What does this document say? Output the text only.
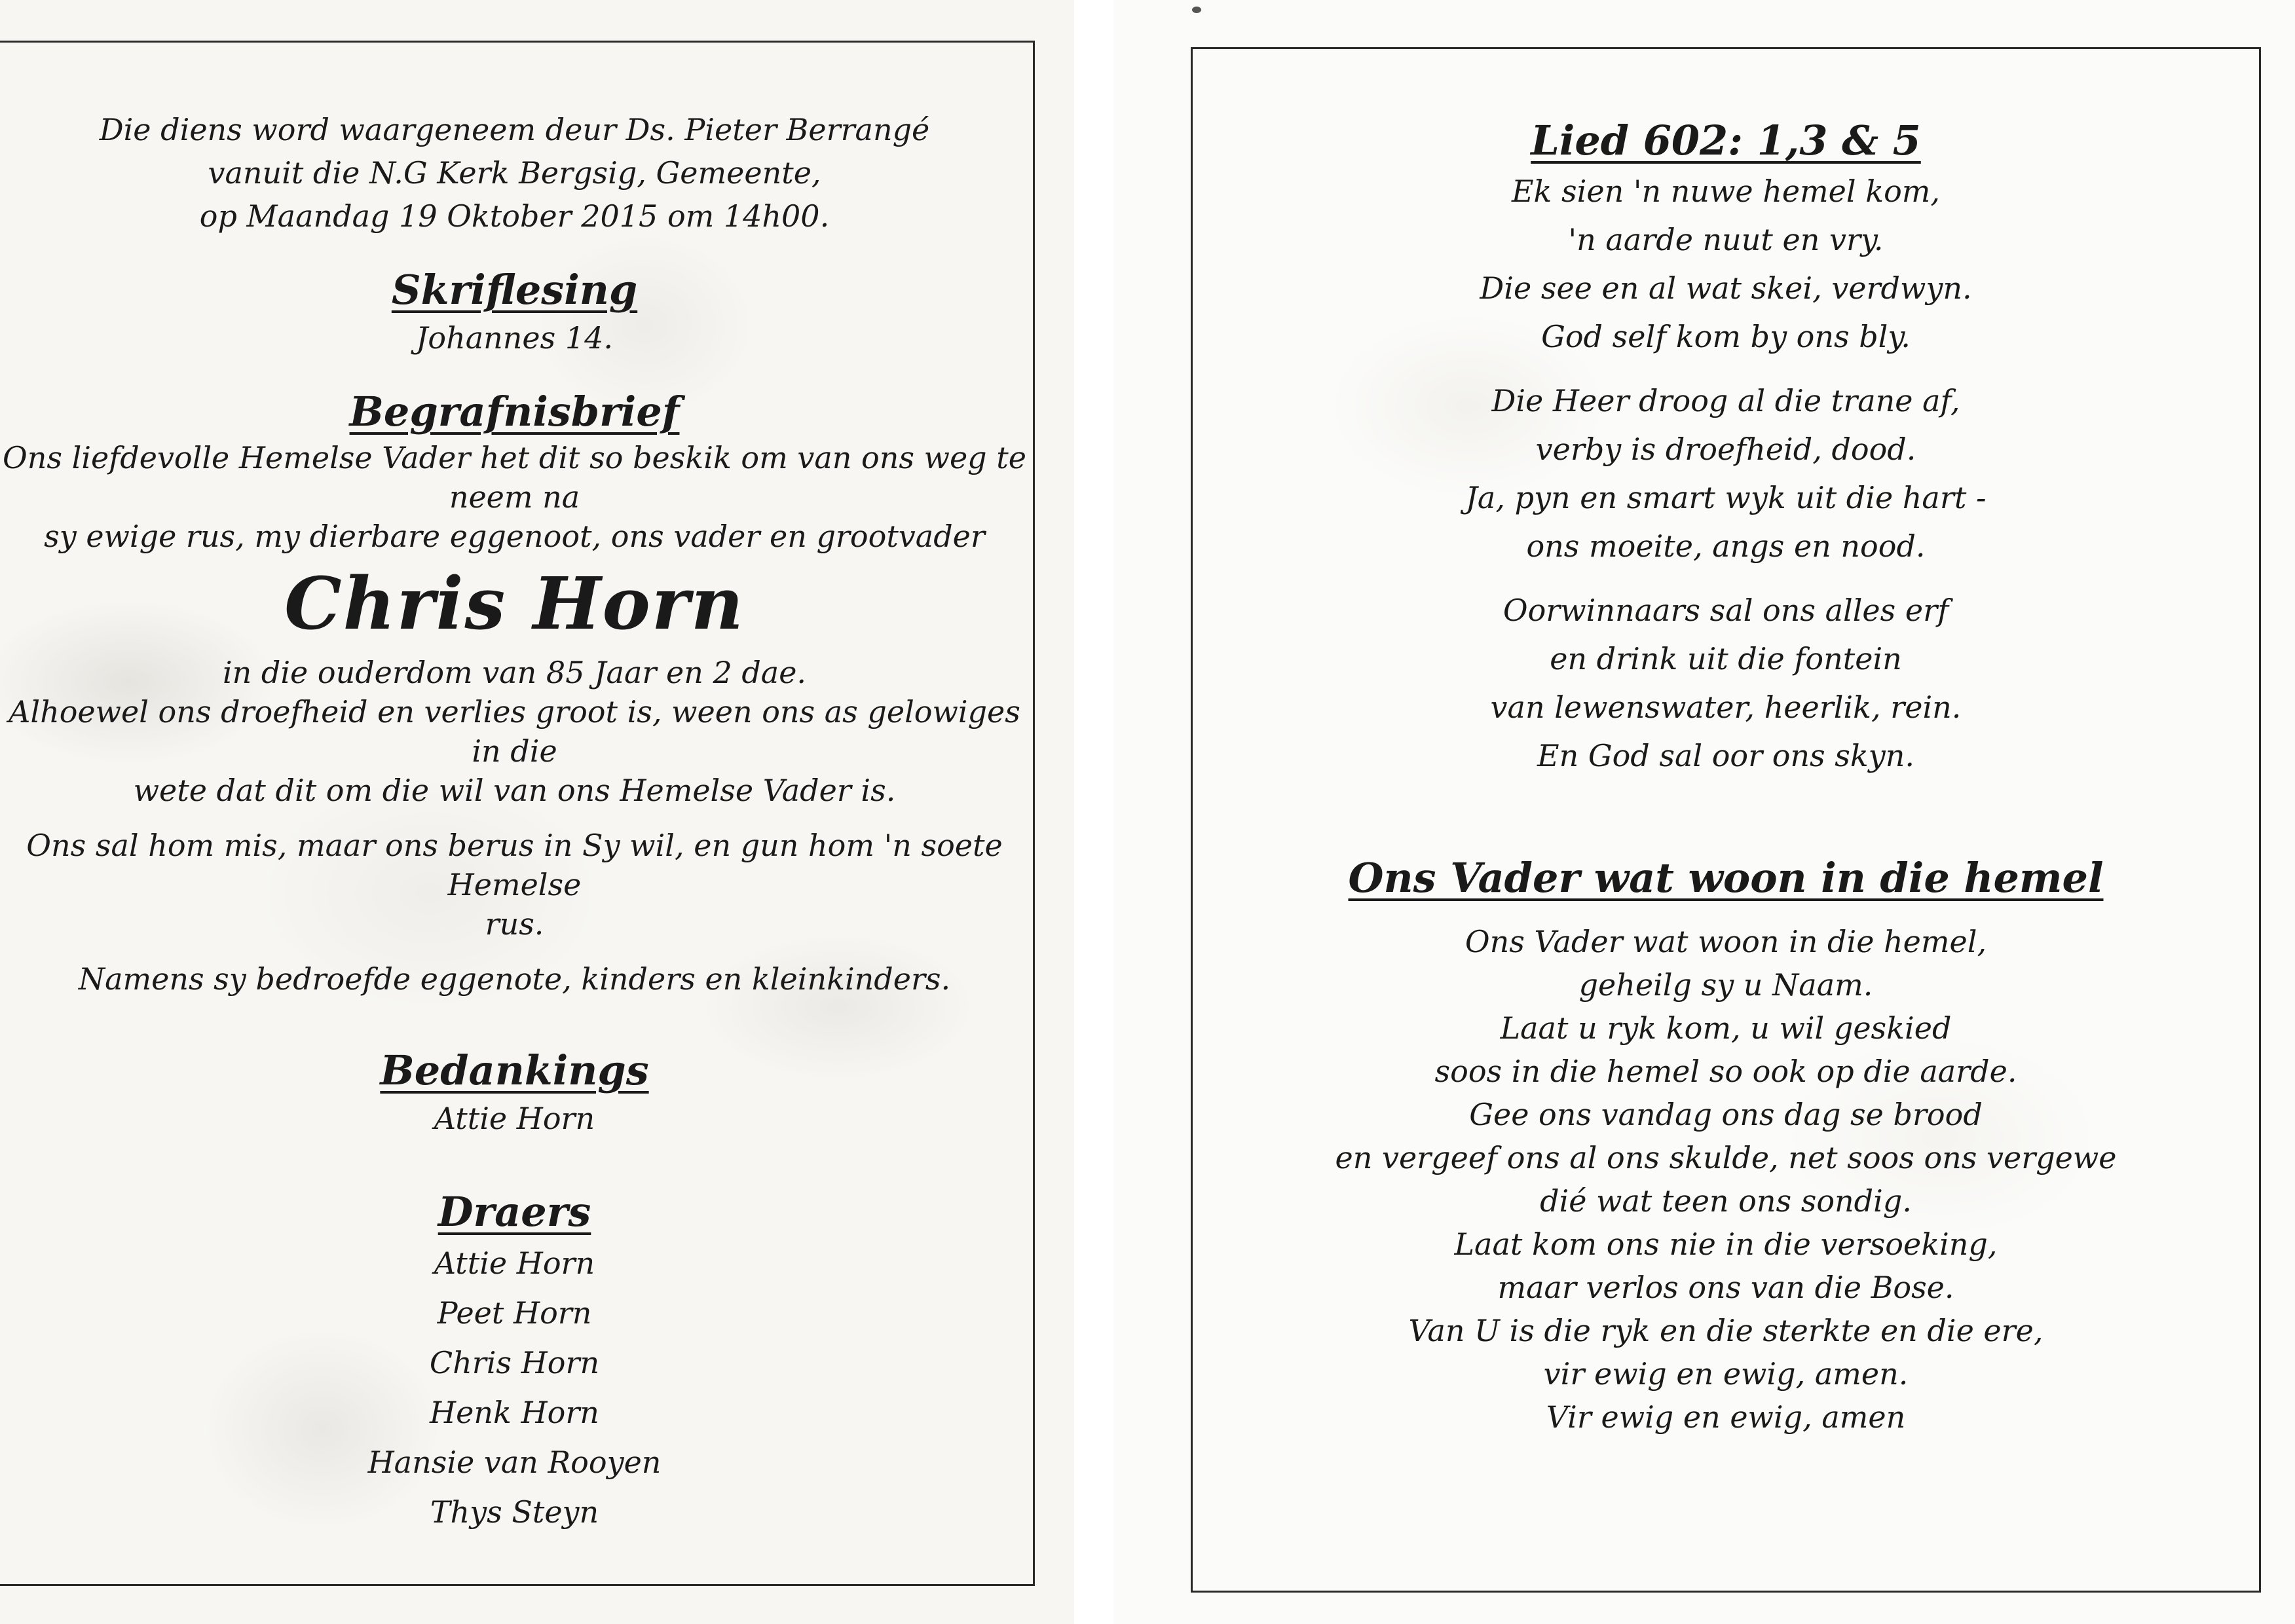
Die diens word waargeneem deur Ds. Pieter Berrangé

vanuit die N.G Kerk Bergsig, Gemeente,

op Maandag 19 Oktober 2015 om 14h00.

Skriflesing

Johannes 14.

Begrafnisbrief

Ons liefdevolle Hemelse Vader het dit so beskik om van ons weg te neem na

sy ewige rus, my dierbare eggenoot, ons vader en grootvader

Chris Horn

in die ouderdom van 85 Jaar en 2 dae.

Alhoewel ons droefheid en verlies groot is, ween ons as gelowiges in die

wete dat dit om die wil van ons Hemelse Vader is.

Ons sal hom mis, maar ons berus in Sy wil, en gun hom 'n soete Hemelse

rus.

Namens sy bedroefde eggenote, kinders en kleinkinders.

Bedankings

Attie Horn

Draers

Attie Horn

Peet Horn

Chris Horn

Henk Horn

Hansie van Rooyen

Thys Steyn

Lied 602: 1,3 & 5

Ek sien 'n nuwe hemel kom,

'n aarde nuut en vry.

Die see en al wat skei, verdwyn.

God self kom by ons bly.

Die Heer droog al die trane af,

verby is droefheid, dood.

Ja, pyn en smart wyk uit die hart -

ons moeite, angs en nood.

Oorwinnaars sal ons alles erf

en drink uit die fontein

van lewenswater, heerlik, rein.

En God sal oor ons skyn.

Ons Vader wat woon in die hemel

Ons Vader wat woon in die hemel,

geheilg sy u Naam.

Laat u ryk kom, u wil geskied

soos in die hemel so ook op die aarde.

Gee ons vandag ons dag se brood

en vergeef ons al ons skulde, net soos ons vergewe

dié wat teen ons sondig.

Laat kom ons nie in die versoeking,

maar verlos ons van die Bose.

Van U is die ryk en die sterkte en die ere,

vir ewig en ewig, amen.

Vir ewig en ewig, amen
